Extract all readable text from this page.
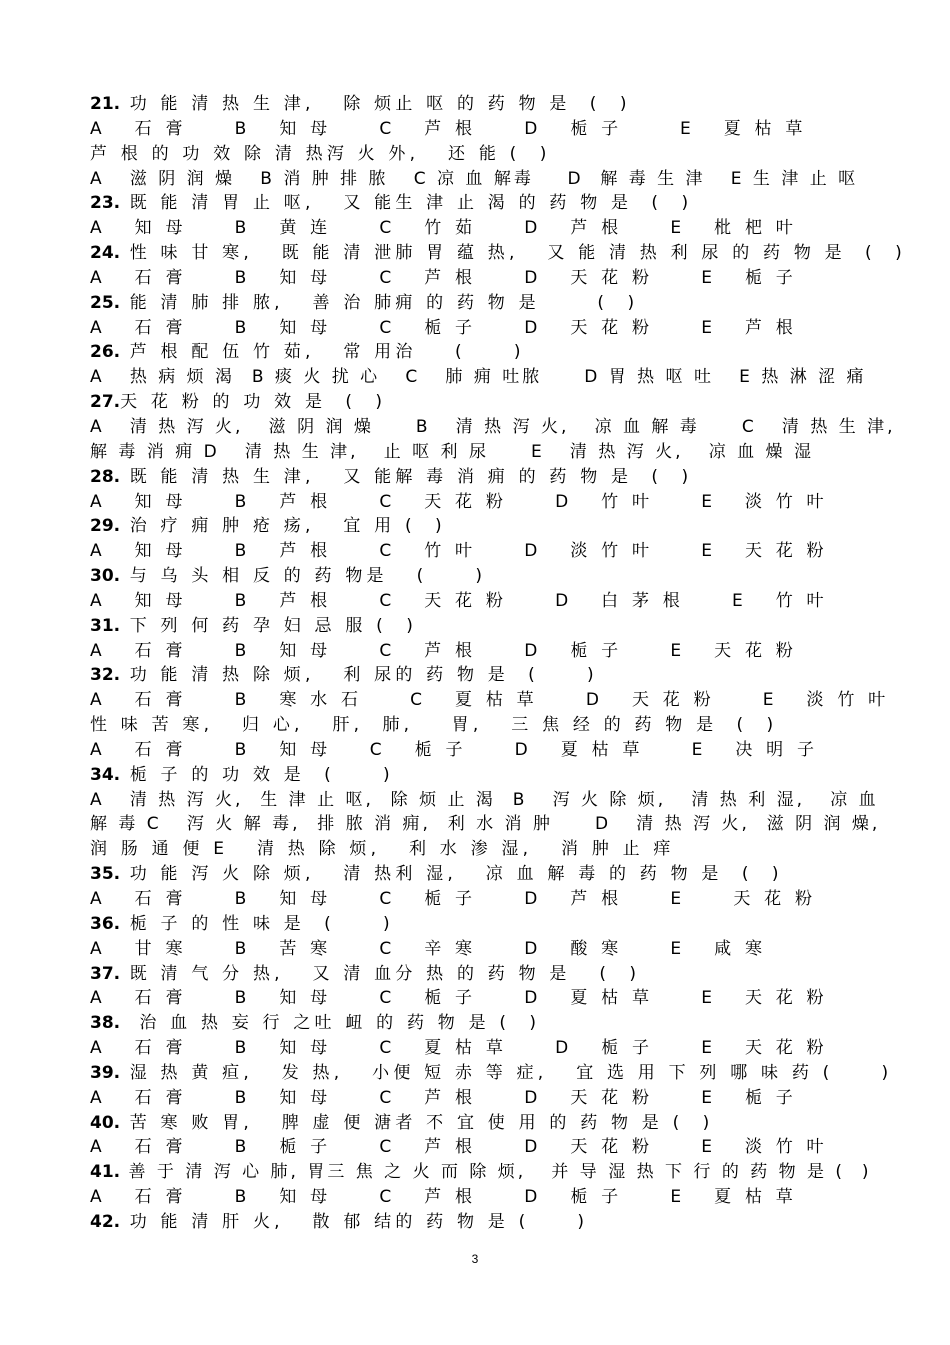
21. 功 能 清 热 生 津,   除 烦止 呕 的 药 物 是  (  )
A   石 膏     B   知 母     C   芦 根     D   栀 子      E   夏 枯 草
芦 根 的 功 效 除 清 热泻 火 外,   还 能 (  )
A   滋 阴 润 燥   B 消 肿 排 脓   C 凉 血 解毒    D  解 毒 生 津   E 生 津 止 呕
23. 既 能 清 胃 止 呕,   又 能生 津 止 渴 的 药 物 是  (  )
A   知 母     B   黄 连     C   竹 茹     D   芦 根     E   枇 杷 叶
24. 性 味 甘 寒,   既 能 清 泄肺 胃 蕴 热,   又 能 清 热 利 尿 的 药 物 是  (  )
A   石 膏     B   知 母     C   芦 根     D   天 花 粉     E   栀 子
25. 能 清 肺 排 脓,   善 治 肺痈 的 药 物 是      (  )
A   石 膏     B   知 母     C   栀 子     D   天 花 粉     E   芦 根
26. 芦 根 配 伍 竹 茹,   常 用治    (     )
A   热 病 烦 渴  B 痰 火 扰 心   C   肺 痈 吐脓     D 胃 热 呕 吐   E 热 淋 涩 痛
27.天 花 粉 的 功 效 是  (  )
A   清 热 泻 火,   滋 阴 润 燥     B   清 热 泻 火,   凉 血 解 毒     C   清 热 生 津,
解 毒 消 痈 D   清 热 生 津,   止 呕 利 尿     E   清 热 泻 火,   凉 血 燥 湿
28. 既 能 清 热 生 津,   又 能解 毒 消 痈 的 药 物 是  (  )
A   知 母     B   芦 根     C   天 花 粉     D   竹 叶     E   淡 竹 叶
29. 治 疗 痈 肿 疮 疡,   宜 用 (  )
A   知 母     B   芦 根     C   竹 叶     D   淡 竹 叶     E   天 花 粉
30. 与 乌 头 相 反 的 药 物是   (     )
A   知 母     B   芦 根     C   天 花 粉     D   白 茅 根     E   竹 叶
31. 下 列 何 药 孕 妇 忌 服 (  )
A   石 膏     B   知 母     C   芦 根     D   栀 子     E   天 花 粉
32. 功 能 清 热 除 烦,   利 尿的 药 物 是  (     )
A   石 膏     B   寒 水 石     C   夏 枯 草     D   天 花 粉     E   淡 竹 叶
性 味 苦 寒,   归 心,   肝,  肺,    胃,   三 焦 经 的 药 物 是  (  )
A   石 膏     B   知 母    C   栀 子     D   夏 枯 草     E   决 明 子
34. 栀 子 的 功 效 是  (     )
A   清 热 泻 火,  生 津 止 呕,  除 烦 止 渴  B   泻 火 除 烦,   清 热 利 湿,   凉 血
解 毒 C   泻 火 解 毒,  排 脓 消 痈,  利 水 消 肿     D   清 热 泻 火,  滋 阴 润 燥,
润 肠 通 便 E   清 热 除 烦,   利 水 渗 湿,   消 肿 止 痒
35. 功 能 泻 火 除 烦,   清 热利 湿,   凉 血 解 毒 的 药 物 是  (  )
A   石 膏     B   知 母     C   栀 子     D   芦 根     E     天 花 粉
36. 栀 子 的 性 味 是  (     )
A   甘 寒     B   苦 寒     C   辛 寒     D   酸 寒     E   咸 寒
37. 既 清 气 分 热,   又 清 血分 热 的 药 物 是   (  )
A   石 膏     B   知 母     C   栀 子     D   夏 枯 草     E   天 花 粉
38.  治 血 热 妄 行 之吐 衄 的 药 物 是 (  )
A   石 膏     B   知 母     C   夏 枯 草     D   栀 子     E   天 花 粉
39. 湿 热 黄 疸,   发 热,   小便 短 赤 等 症,   宜 选 用 下 列 哪 味 药 (     )
A   石 膏     B   知 母     C   芦 根     D   天 花 粉     E   栀 子
40. 苦 寒 败 胃,   脾 虚 便 溏者 不 宜 使 用 的 药 物 是 (  )
A   石 膏     B   栀 子     C   芦 根     D   天 花 粉     E   淡 竹 叶
41. 善 于 清 泻 心 肺, 胃三 焦 之 火 而 除 烦,   并 导 湿 热 下 行 的 药 物 是 (  )
A   石 膏     B   知 母     C   芦 根     D   栀 子     E   夏 枯 草
42. 功 能 清 肝 火,   散 郁 结的 药 物 是 (     )
3
